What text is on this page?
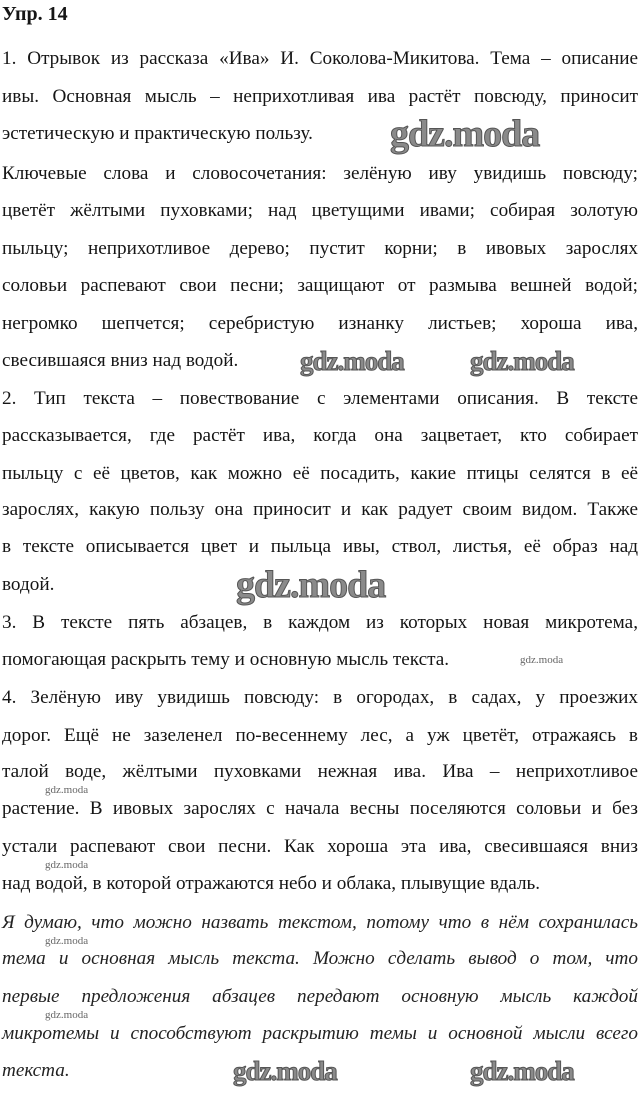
Упр. 14
1. Отрывок из рассказа «Ива» И. Соколова-Микитова. Тема – описание
ивы. Основная мысль – неприхотливая ива растёт повсюду, приносит
эстетическую и практическую пользу.
Ключевые слова и словосочетания: зелёную иву увидишь повсюду;
цветёт жёлтыми пуховками; над цветущими ивами; собирая золотую
пыльцу; неприхотливое дерево; пустит корни; в ивовых зарослях
соловьи распевают свои песни; защищают от размыва вешней водой;
негромко шепчется; серебристую изнанку листьев; хороша ива,
свесившаяся вниз над водой.
2. Тип текста – повествование с элементами описания. В тексте
рассказывается, где растёт ива, когда она зацветает, кто собирает
пыльцу с её цветов, как можно её посадить, какие птицы селятся в её
зарослях, какую пользу она приносит и как радует своим видом. Также
в тексте описывается цвет и пыльца ивы, ствол, листья, её образ над
водой.
3. В тексте пять абзацев, в каждом из которых новая микротема,
помогающая раскрыть тему и основную мысль текста.
4. Зелёную иву увидишь повсюду: в огородах, в садах, у проезжих
дорог. Ещё не зазеленел по-весеннему лес, а уж цветёт, отражаясь в
талой воде, жёлтыми пуховками нежная ива. Ива – неприхотливое
растение. В ивовых зарослях с начала весны поселяются соловьи и без
устали распевают свои песни. Как хороша эта ива, свесившаяся вниз
над водой, в которой отражаются небо и облака, плывущие вдаль.
Я думаю, что можно назвать текстом, потому что в нём сохранилась
тема и основная мысль текста. Можно сделать вывод о том, что
первые предложения абзацев передают основную мысль каждой
микротемы и способствуют раскрытию темы и основной мысли всего
текста.
gdz.moda
gdz.moda gdz.moda
gdz.moda
gdz.moda
gdz.moda
gdz.moda
gdz.moda
gdz.moda
gdz.moda	gdz.moda
